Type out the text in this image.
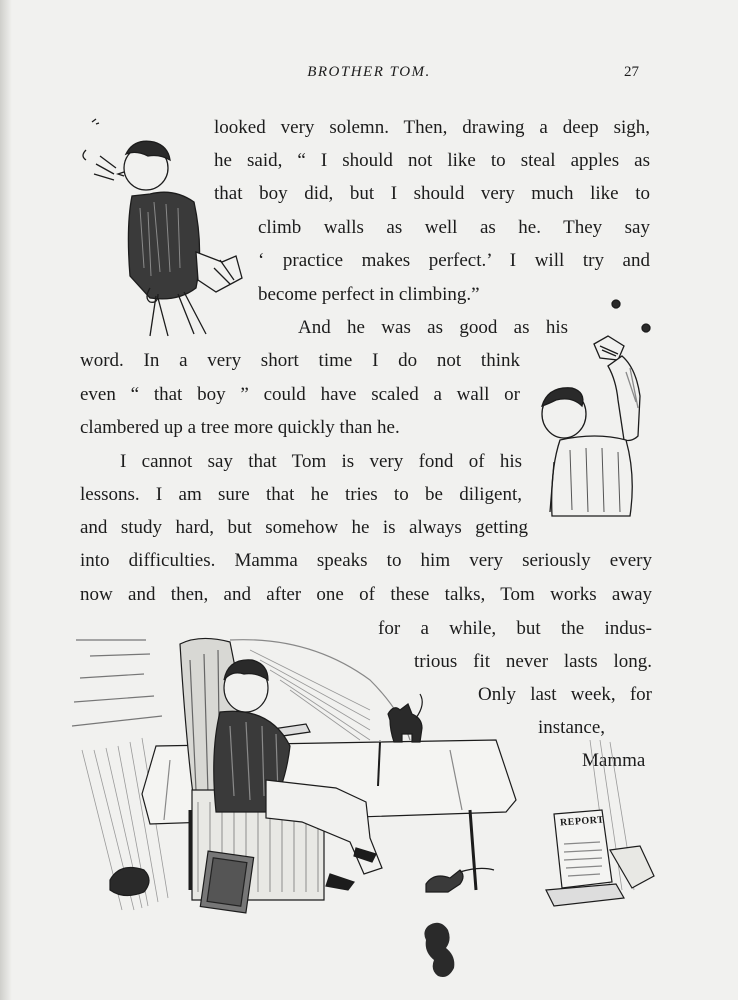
BROTHER TOM.	27
looked very solemn. Then, drawing a deep sigh,
he said, “ I should not like to steal apples as
that boy did, but I should very much like to
climb walls as well as he. They say
‘ practice makes perfect.’ I will try and
become perfect in climbing.”
And he was as good as his
word. In a very short time I do not think
even “ that boy ” could have scaled a wall or
clambered up a tree more quickly than he.
I cannot say that Tom is very fond of his
lessons. I am sure that he tries to be diligent,
and study hard, but somehow he is always getting
into difficulties. Mamma speaks to him very seriously every
now and then, and after one of these talks, Tom works away
for a while, but the indus-
trious fit never lasts long.
Only last week, for
instance,
Mamma
REPORT
